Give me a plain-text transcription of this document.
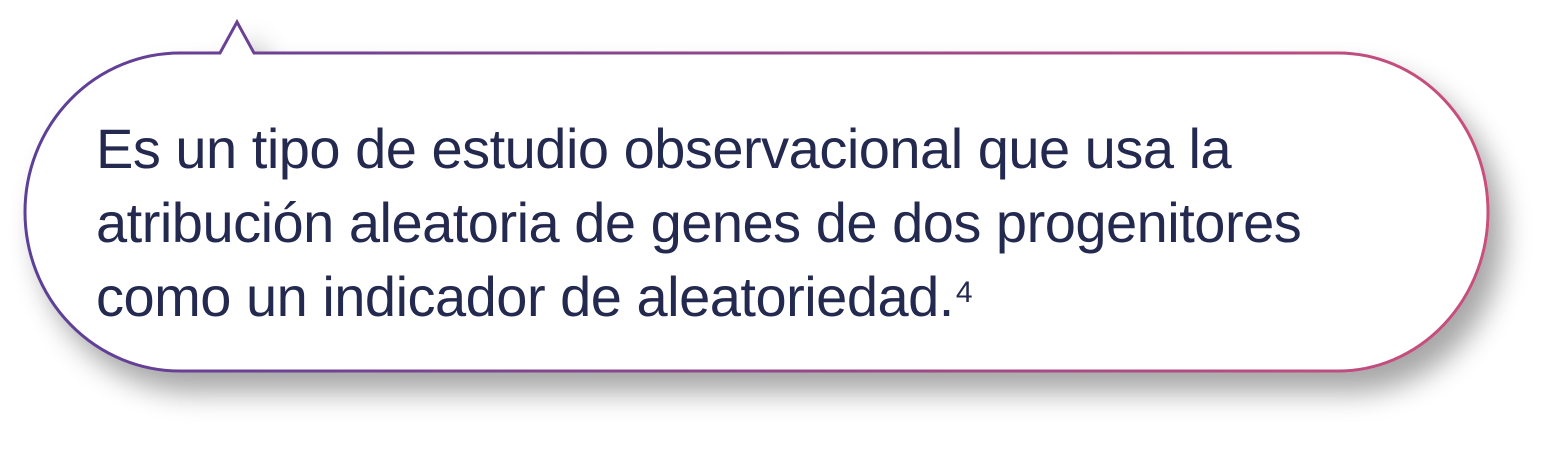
Es un tipo de estudio observacional que usa la
atribución aleatoria de genes de dos progenitores
como un indicador de aleatoriedad.$^4$
